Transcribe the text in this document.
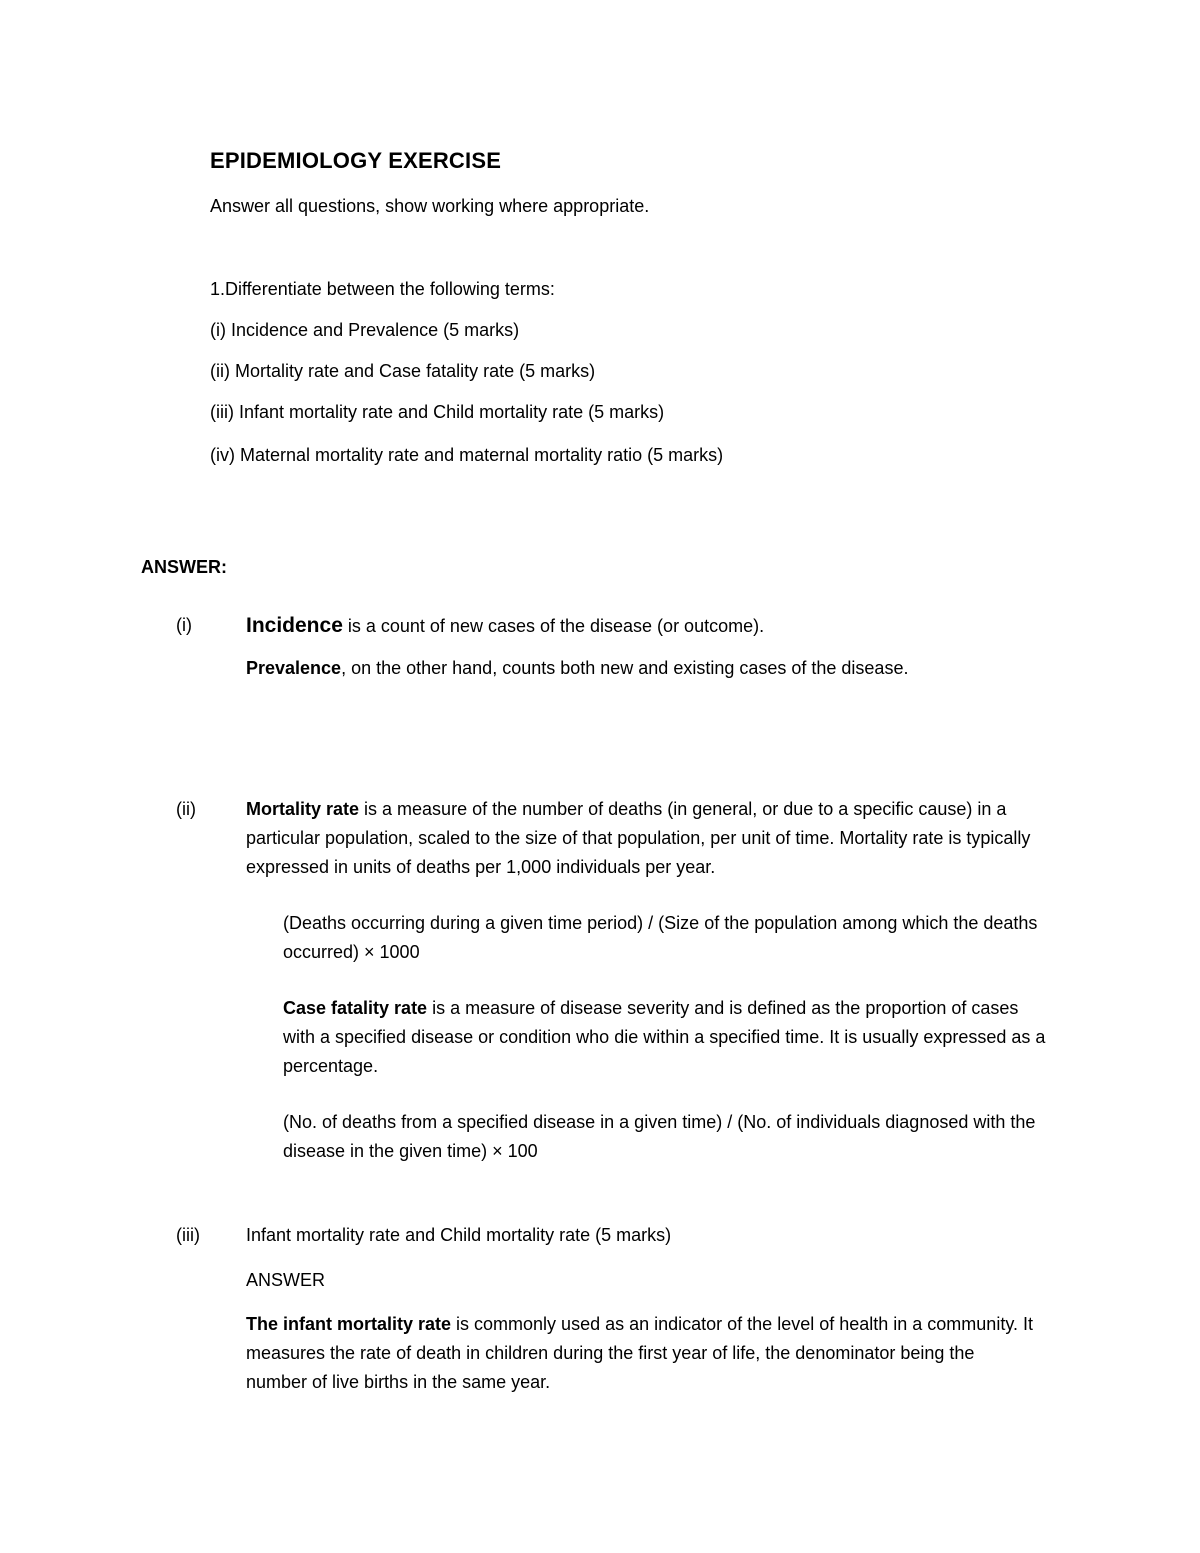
EPIDEMIOLOGY EXERCISE
Answer all questions, show working where appropriate.
1.Differentiate between the following terms:
(i) Incidence and Prevalence (5 marks)
(ii) Mortality rate and Case fatality rate (5 marks)
(iii) Infant mortality rate and Child mortality rate (5 marks)
(iv) Maternal mortality rate and maternal mortality ratio (5 marks)
ANSWER:
(i)	Incidence is a count of new cases of the disease (or outcome).
Prevalence, on the other hand, counts both new and existing cases of the disease.
(ii)	Mortality rate is a measure of the number of deaths (in general, or due to a specific cause) in a particular population, scaled to the size of that population, per unit of time. Mortality rate is typically expressed in units of deaths per 1,000 individuals per year.
(Deaths occurring during a given time period) / (Size of the population among which the deaths occurred) × 1000
Case fatality rate is a measure of disease severity and is defined as the proportion of cases with a specified disease or condition who die within a specified time. It is usually expressed as a percentage.
(No. of deaths from a specified disease in a given time) / (No. of individuals diagnosed with the disease in the given time) × 100
(iii)	Infant mortality rate and Child mortality rate (5 marks)
ANSWER
The infant mortality rate is commonly used as an indicator of the level of health in a community. It measures the rate of death in children during the first year of life, the denominator being the number of live births in the same year.
